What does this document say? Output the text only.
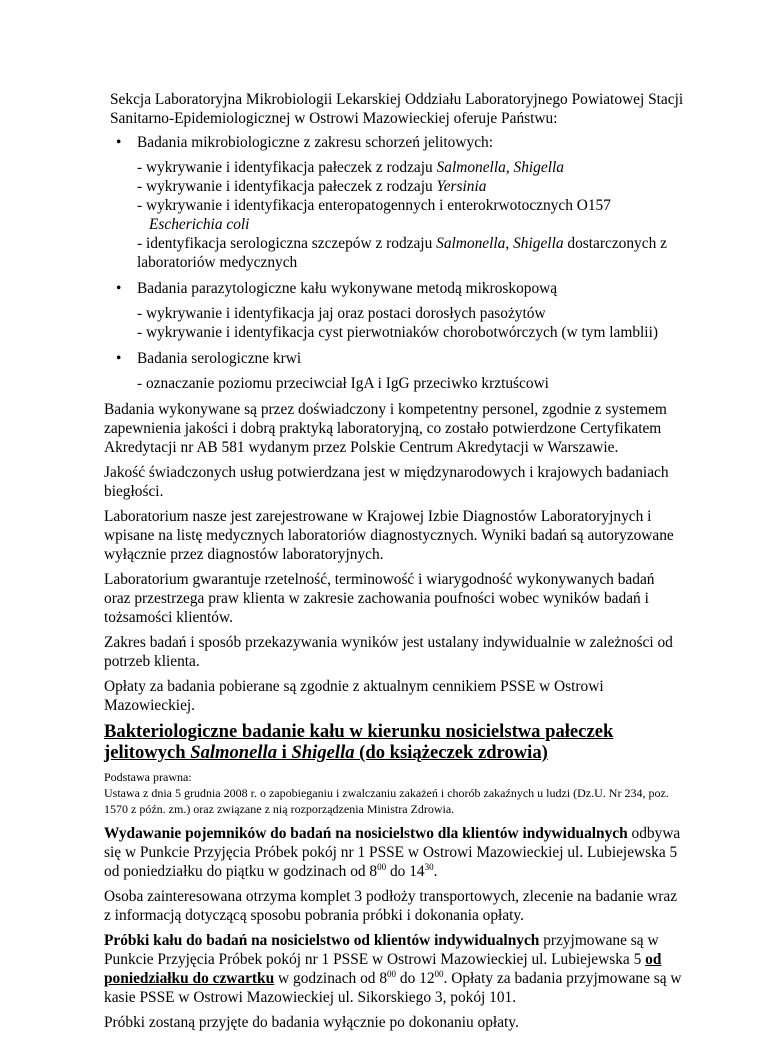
Sekcja Laboratoryjna Mikrobiologii Lekarskiej Oddziału Laboratoryjnego Powiatowej Stacji Sanitarno-Epidemiologicznej w Ostrowi Mazowieckiej oferuje Państwu:

• Badania mikrobiologiczne z zakresu schorzeń jelitowych:

- wykrywanie i identyfikacja pałeczek z rodzaju Salmonella, Shigella

- wykrywanie i identyfikacja pałeczek z rodzaju Yersinia

- wykrywanie i identyfikacja enteropatogennych i enterokrwotocznych O157

Escherichia coli

- identyfikacja serologiczna szczepów z rodzaju Salmonella, Shigella dostarczonych z laboratoriów medycznych

• Badania parazytologiczne kału wykonywane metodą mikroskopową

- wykrywanie i identyfikacja jaj oraz postaci dorosłych pasożytów

- wykrywanie i identyfikacja cyst pierwotniaków chorobotwórczych (w tym lamblii)

• Badania serologiczne krwi

- oznaczanie poziomu przeciwciał IgA i IgG przeciwko krztuścowi

Badania wykonywane są przez doświadczony i kompetentny personel, zgodnie z systemem zapewnienia jakości i dobrą praktyką laboratoryjną, co zostało potwierdzone Certyfikatem Akredytacji nr AB 581 wydanym przez Polskie Centrum Akredytacji w Warszawie.

Jakość świadczonych usług potwierdzana jest w międzynarodowych i krajowych badaniach biegłości.

Laboratorium nasze jest zarejestrowane w Krajowej Izbie Diagnostów Laboratoryjnych i wpisane na listę medycznych laboratoriów diagnostycznych. Wyniki badań są autoryzowane wyłącznie przez diagnostów laboratoryjnych.

Laboratorium gwarantuje rzetelność, terminowość i wiarygodność wykonywanych badań oraz przestrzega praw klienta w zakresie zachowania poufności wobec wyników badań i tożsamości klientów.

Zakres badań i sposób przekazywania wyników jest ustalany indywidualnie w zależności od potrzeb klienta.

Opłaty za badania pobierane są zgodnie z aktualnym cennikiem PSSE w Ostrowi Mazowieckiej.

Bakteriologiczne badanie kału w kierunku nosicielstwa pałeczek jelitowych Salmonella i Shigella (do książeczek zdrowia)

Podstawa prawna:

Ustawa z dnia 5 grudnia 2008 r. o zapobieganiu i zwalczaniu zakażeń i chorób zakaźnych u ludzi (Dz.U. Nr 234, poz. 1570 z późn. zm.) oraz związane z nią rozporządzenia Ministra Zdrowia.

Wydawanie pojemników do badań na nosicielstwo dla klientów indywidualnych odbywa się w Punkcie Przyjęcia Próbek pokój nr 1 PSSE w Ostrowi Mazowieckiej ul. Lubiejewska 5 od poniedziałku do piątku w godzinach od $8^{00}$ do $14^{30}$.

Osoba zainteresowana otrzyma komplet 3 podłoży transportowych, zlecenie na badanie wraz z informacją dotyczącą sposobu pobrania próbki i dokonania opłaty.

Próbki kału do badań na nosicielstwo od klientów indywidualnych przyjmowane są w Punkcie Przyjęcia Próbek pokój nr 1 PSSE w Ostrowi Mazowieckiej ul. Lubiejewska 5 od poniedziałku do czwartku w godzinach od $8^{00}$ do $12^{00}$. Opłaty za badania przyjmowane są w kasie PSSE w Ostrowi Mazowieckiej ul. Sikorskiego 3, pokój 101.

Próbki zostaną przyjęte do badania wyłącznie po dokonaniu opłaty.
